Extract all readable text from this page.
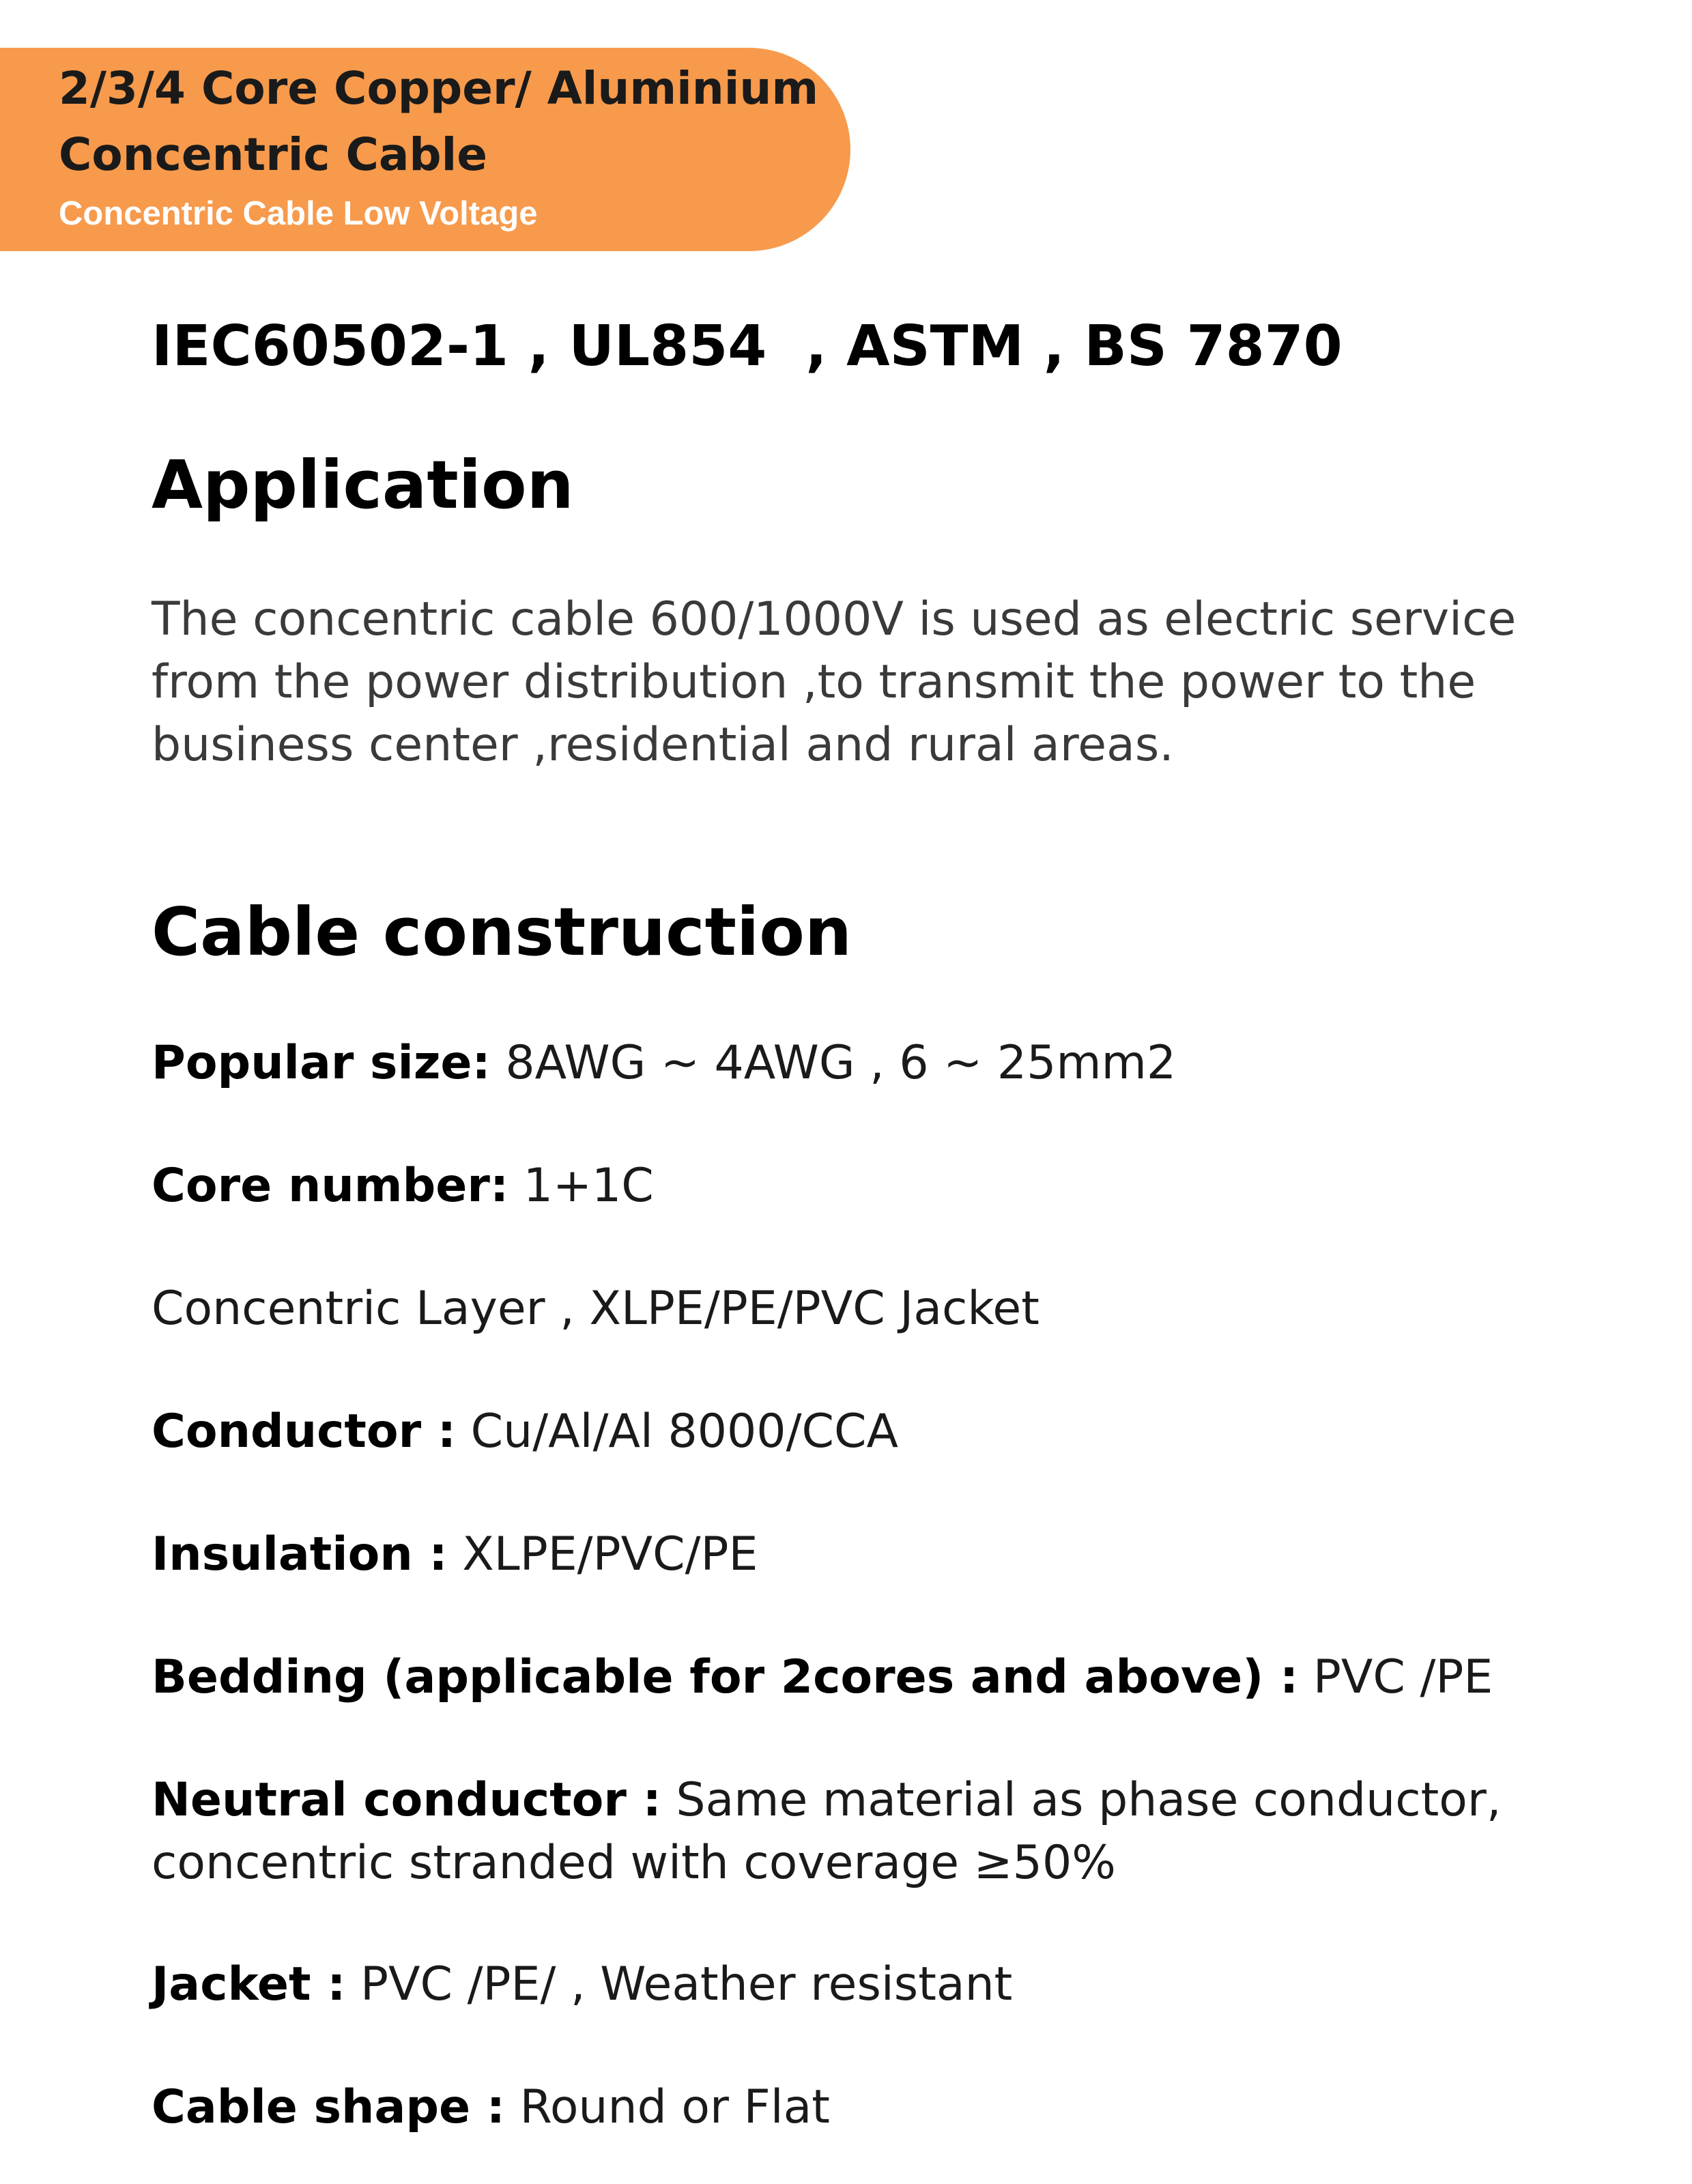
2/3/4 Core Copper/ Aluminium

Concentric Cable

Concentric Cable Low Voltage

IEC60502-1 , UL854  , ASTM , BS 7870

Application

The concentric cable 600/1000V is used as electric service from the power distribution ,to transmit the power to the business center ,residential and rural areas.

Cable construction

Popular size: 8AWG ~ 4AWG , 6 ~ 25mm2

Core number: 1+1C

Concentric Layer , XLPE/PE/PVC Jacket

Conductor : Cu/Al/Al 8000/CCA

Insulation : XLPE/PVC/PE

Bedding (applicable for 2cores and above) : PVC /PE

Neutral conductor : Same material as phase conductor, concentric stranded with coverage ≥50%

Jacket : PVC /PE/ , Weather resistant

Cable shape : Round or Flat
